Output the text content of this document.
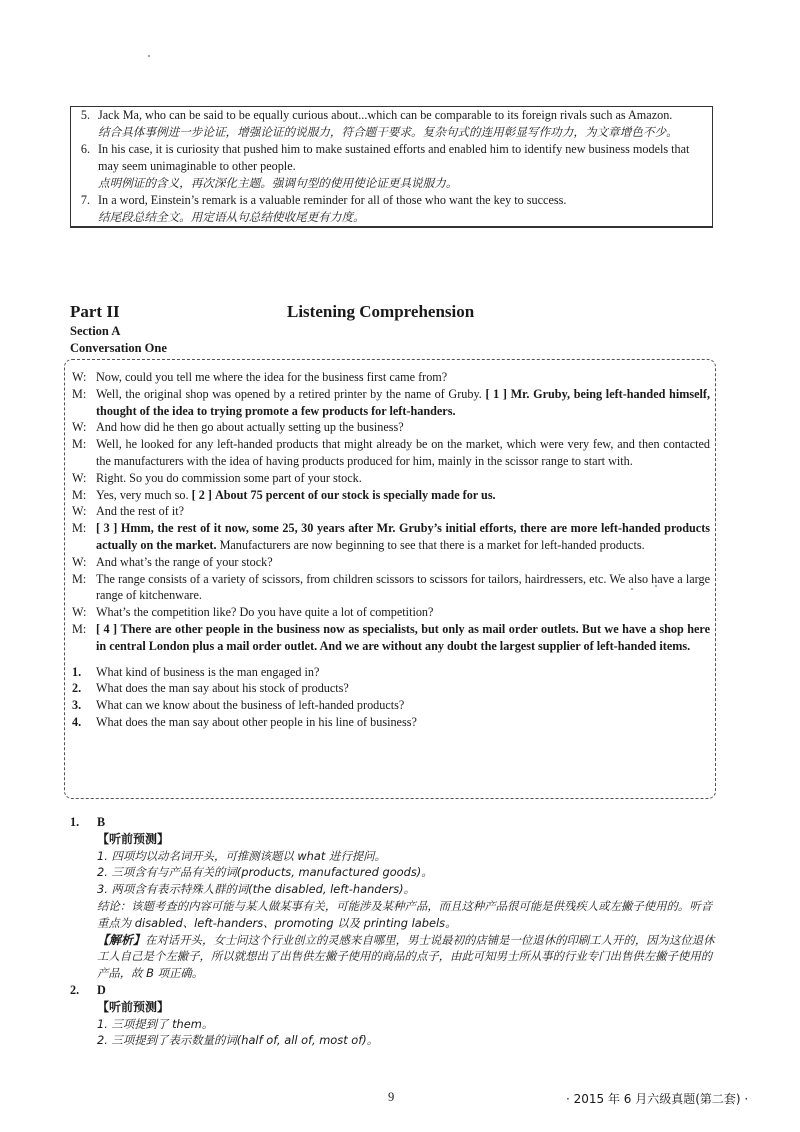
5. Jack Ma, who can be said to be equally curious about...which can be comparable to its foreign rivals such as Amazon.
结合具体事例进一步论证，增强论证的说服力，符合题干要求。复杂句式的连用彰显写作功力，为文章增色不少。
6. In his case, it is curiosity that pushed him to make sustained efforts and enabled him to identify new business models that may seem unimaginable to other people.
点明例证的含义，再次深化主题。强调句型的使用使论证更具说服力。
7. In a word, Einstein’s remark is a valuable reminder for all of those who want the key to success.
结尾段总结全文。用定语从句总结使收尾更有力度。
Part II	Listening Comprehension
Section A
Conversation One
W: Now, could you tell me where the idea for the business first came from?
M: Well, the original shop was opened by a retired printer by the name of Gruby. [ 1 ] Mr. Gruby, being left-handed himself, thought of the idea to trying promote a few products for left-handers.
W: And how did he then go about actually setting up the business?
M: Well, he looked for any left-handed products that might already be on the market, which were very few, and then contacted the manufacturers with the idea of having products produced for him, mainly in the scissor range to start with.
W: Right. So you do commission some part of your stock.
M: Yes, very much so. [ 2 ] About 75 percent of our stock is specially made for us.
W: And the rest of it?
M: [ 3 ] Hmm, the rest of it now, some 25, 30 years after Mr. Gruby’s initial efforts, there are more left-handed products actually on the market. Manufacturers are now beginning to see that there is a market for left-handed products.
W: And what’s the range of your stock?
M: The range consists of a variety of scissors, from children scissors to scissors for tailors, hairdressers, etc. We also have a large range of kitchenware.
W: What’s the competition like? Do you have quite a lot of competition?
M: [ 4 ] There are other people in the business now as specialists, but only as mail order outlets. But we have a shop here in central London plus a mail order outlet. And we are without any doubt the largest supplier of left-handed items.
1.	What kind of business is the man engaged in?
2.	What does the man say about his stock of products?
3.	What can we know about the business of left-handed products?
4.	What does the man say about other people in his line of business?
1.	B
【听前预测】
1. 四项均以动名词开头，可推测该题以 what 进行提问。
2. 三项含有与产品有关的词(products, manufactured goods)。
3. 两项含有表示特殊人群的词(the disabled, left-handers)。
结论：该题考查的内容可能与某人做某事有关，可能涉及某种产品，而且这种产品很可能是供残疾人或左撇子使用的。听音重点为 disabled、left-handers、promoting 以及 printing labels。
【解析】在对话开头，女士问这个行业创立的灵感来自哪里，男士说最初的店铺是一位退休的印刷工人开的，因为这位退休工人自己是个左撇子，所以就想出了出售供左撇子使用的商品的点子，由此可知男士所从事的行业专门出售供左撇子使用的产品，故 B 项正确。
2.	D
【听前预测】
1. 三项提到了 them。
2. 三项提到了表示数量的词(half of, all of, most of)。
9	· 2015 年 6 月六级真题(第二套) ·
